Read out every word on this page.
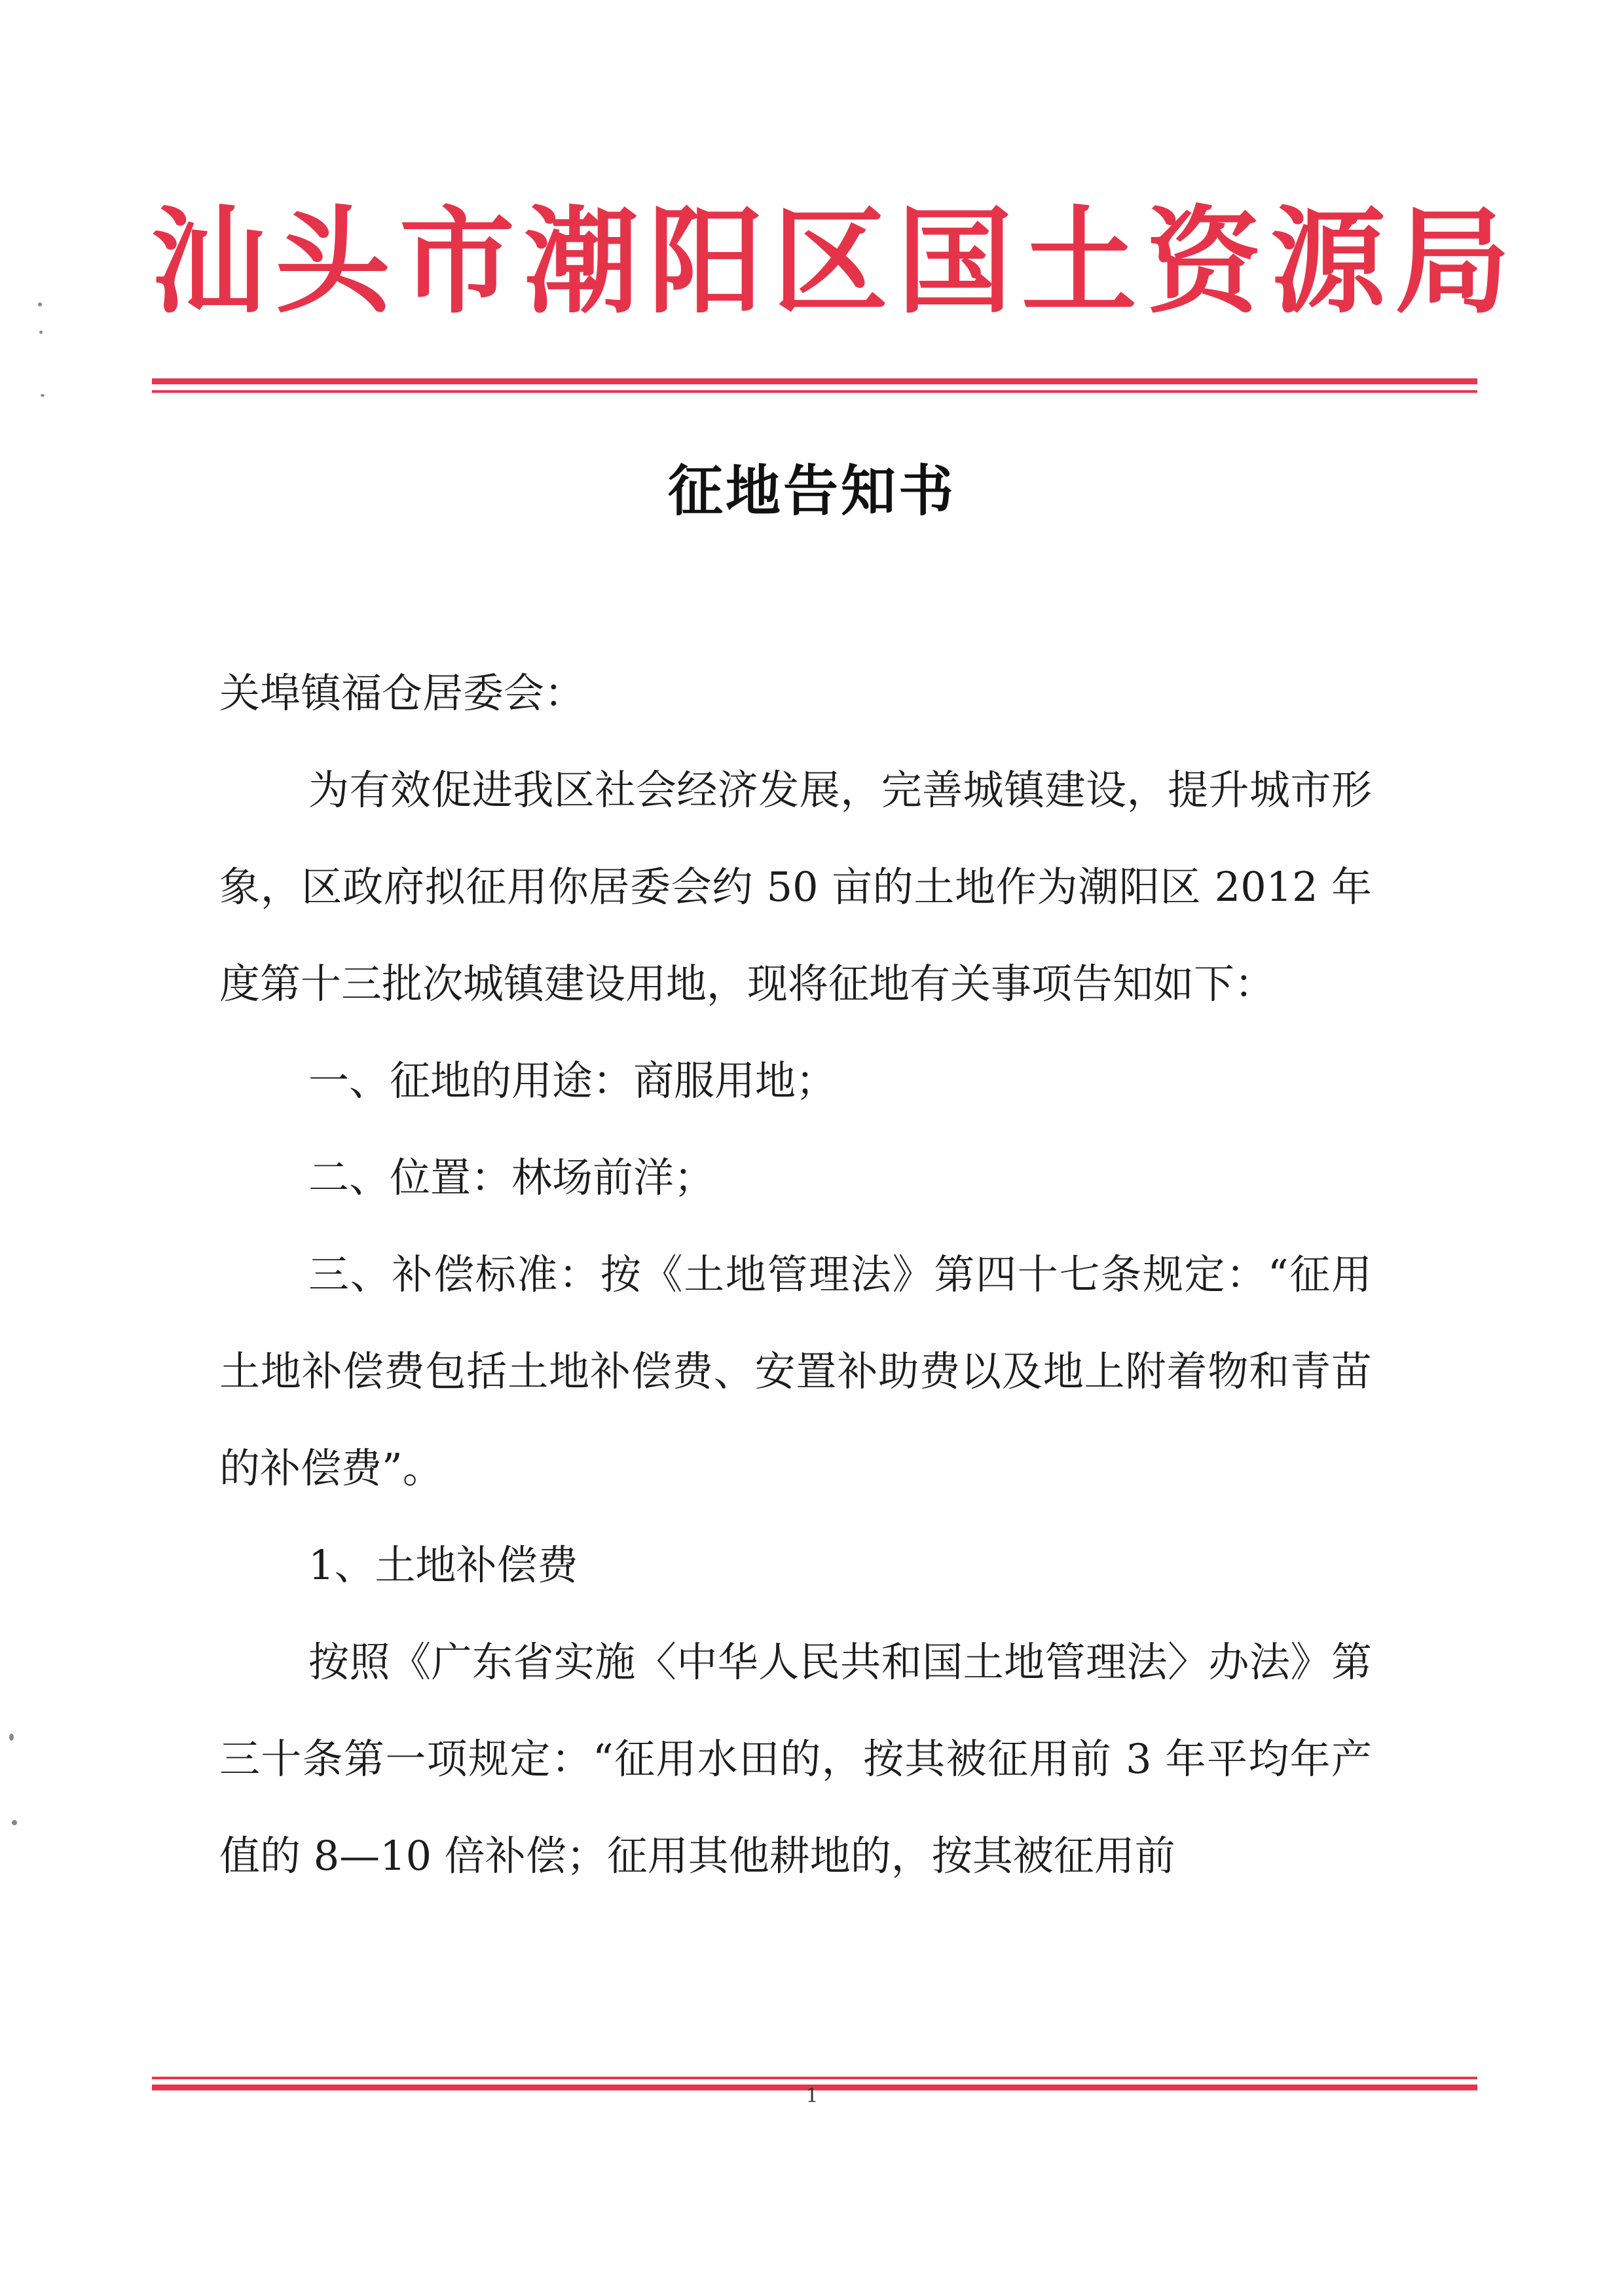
汕头市潮阳区国土资源局
征地告知书

关埠镇福仓居委会：

为有效促进我区社会经济发展，完善城镇建设，提升城市形象，区政府拟征用你居委会约 50 亩的土地作为潮阳区 2012 年度第十三批次城镇建设用地，现将征地有关事项告知如下：

一、征地的用途：商服用地；

二、位置：林场前洋；

三、补偿标准：按《土地管理法》第四十七条规定：“征用土地补偿费包括土地补偿费、安置补助费以及地上附着物和青苗的补偿费”。

1、土地补偿费

按照《广东省实施〈中华人民共和国土地管理法〉办法》第三十条第一项规定：“征用水田的，按其被征用前 3 年平均年产值的 8—10 倍补偿；征用其他耕地的，按其被征用前

1
